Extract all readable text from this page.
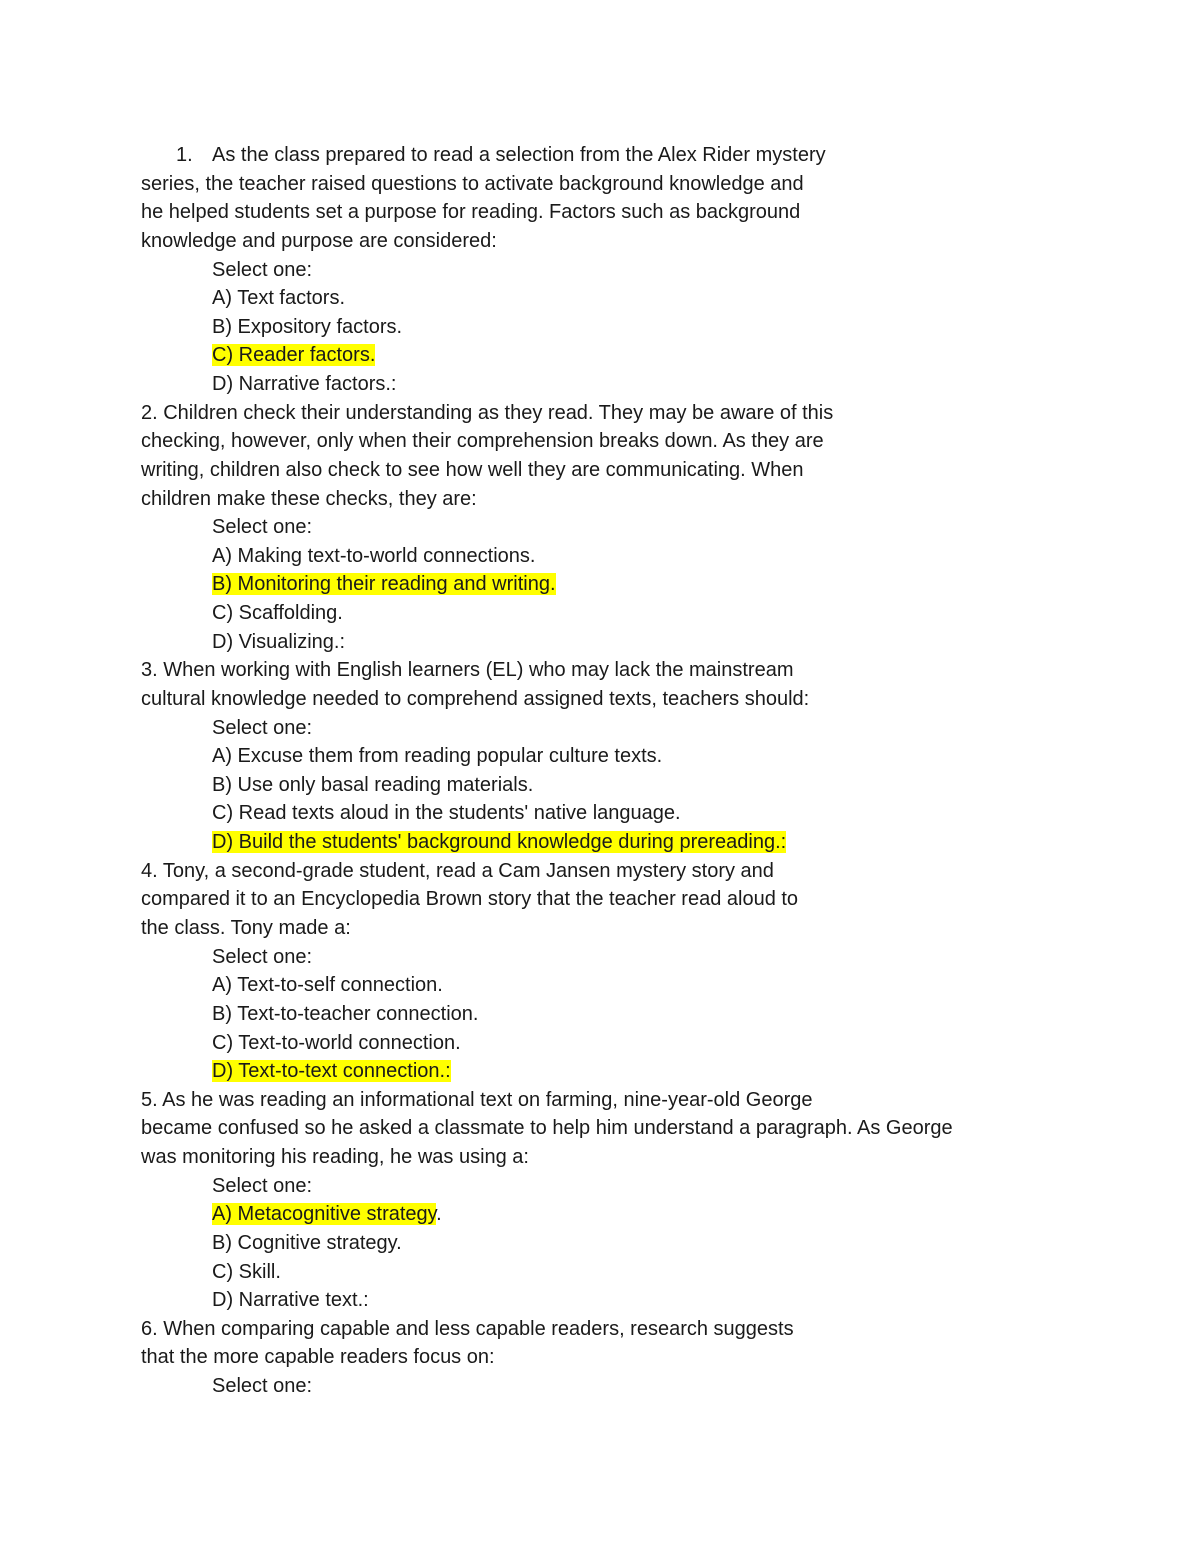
1. As the class prepared to read a selection from the Alex Rider mystery
series, the teacher raised questions to activate background knowledge and
he helped students set a purpose for reading. Factors such as background
knowledge and purpose are considered:
Select one:
A) Text factors.
B) Expository factors.
C) Reader factors.
D) Narrative factors.:
2. Children check their understanding as they read. They may be aware of this
checking, however, only when their comprehension breaks down. As they are
writing, children also check to see how well they are communicating. When
children make these checks, they are:
Select one:
A) Making text-to-world connections.
B) Monitoring their reading and writing.
C) Scaffolding.
D) Visualizing.:
3. When working with English learners (EL) who may lack the mainstream
cultural knowledge needed to comprehend assigned texts, teachers should:
Select one:
A) Excuse them from reading popular culture texts.
B) Use only basal reading materials.
C) Read texts aloud in the students' native language.
D) Build the students' background knowledge during prereading.:
4. Tony, a second-grade student, read a Cam Jansen mystery story and
compared it to an Encyclopedia Brown story that the teacher read aloud to
the class. Tony made a:
Select one:
A) Text-to-self connection.
B) Text-to-teacher connection.
C) Text-to-world connection.
D) Text-to-text connection.:
5. As he was reading an informational text on farming, nine-year-old George
became confused so he asked a classmate to help him understand a paragraph. As George
was monitoring his reading, he was using a:
Select one:
A) Metacognitive strategy.
B) Cognitive strategy.
C) Skill.
D) Narrative text.:
6. When comparing capable and less capable readers, research suggests
that the more capable readers focus on:
Select one:
